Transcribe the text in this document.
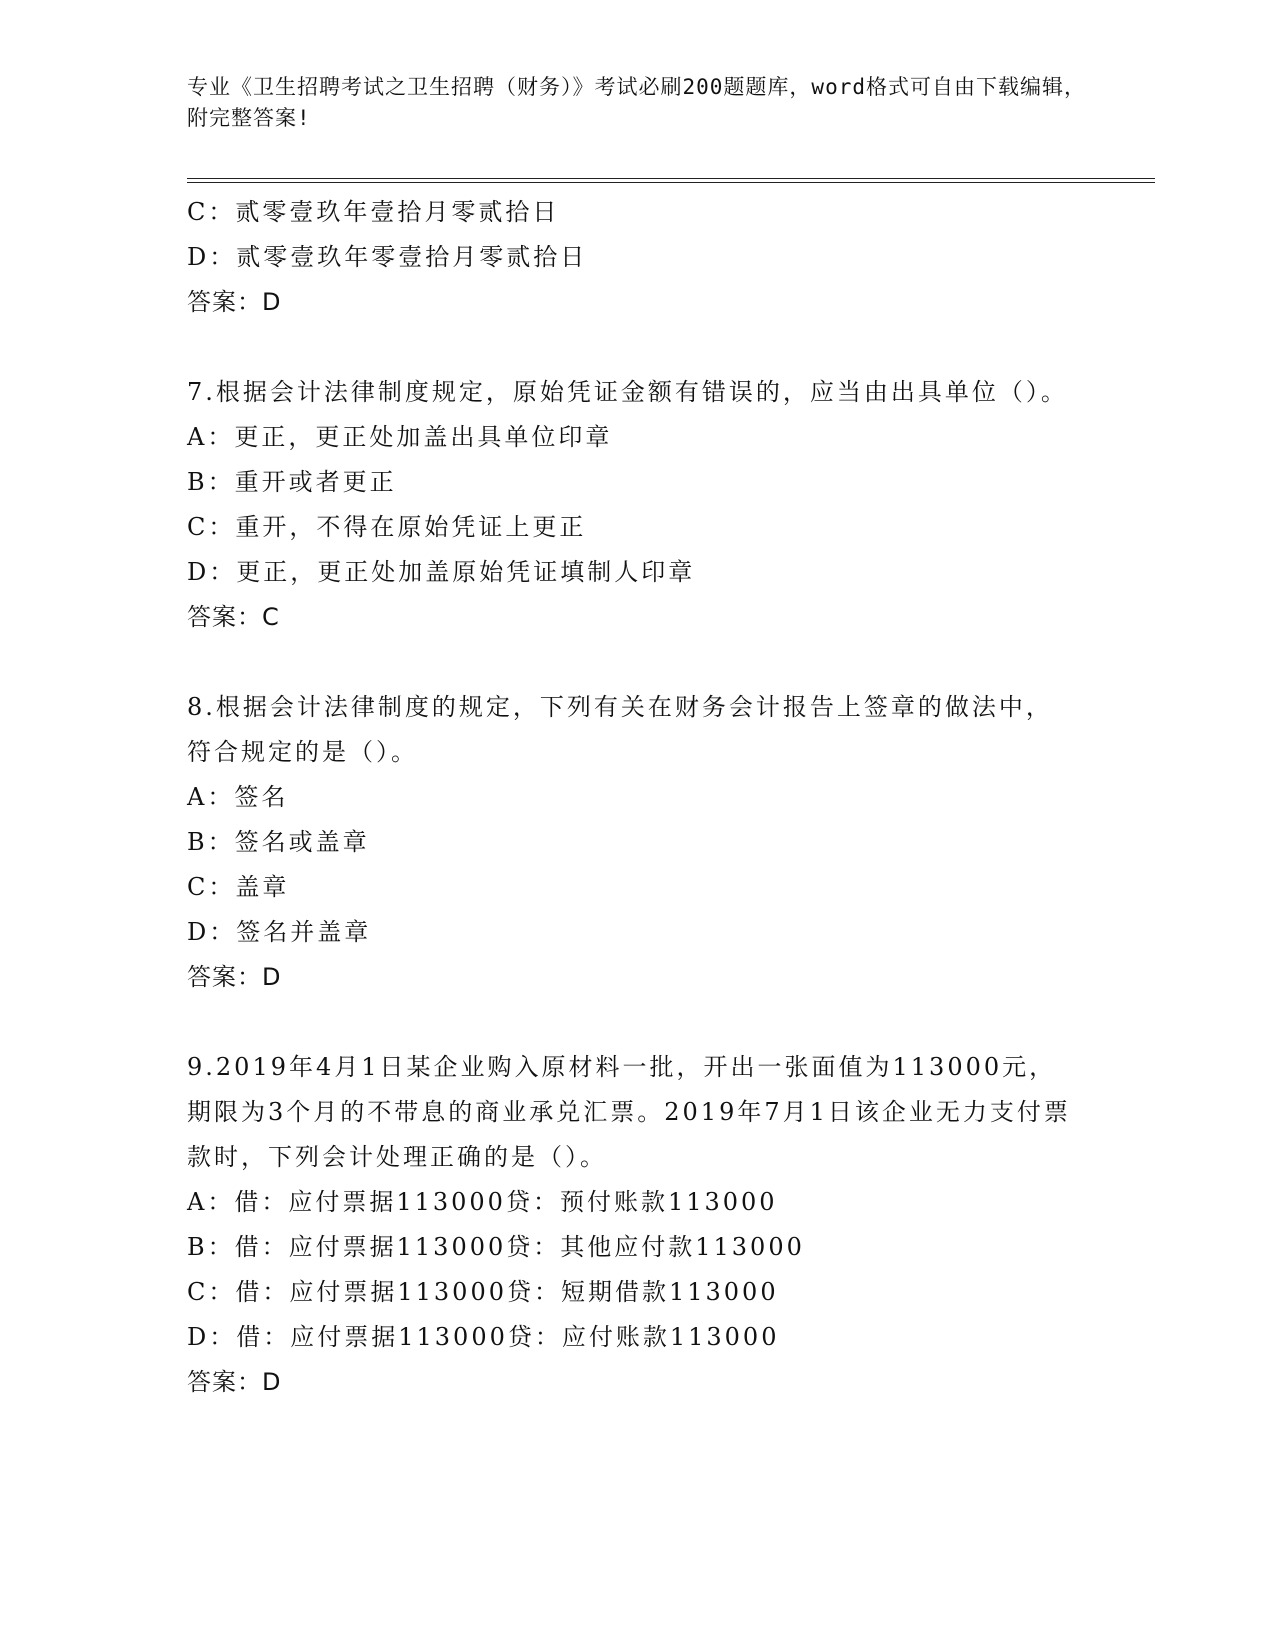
专业《卫生招聘考试之卫生招聘（财务）》考试必刷200题题库，word格式可自由下载编辑，附完整答案!
C：贰零壹玖年壹拾月零贰拾日
D：贰零壹玖年零壹拾月零贰拾日
答案：D
7.根据会计法律制度规定，原始凭证金额有错误的，应当由出具单位（）。
A：更正，更正处加盖出具单位印章
B：重开或者更正
C：重开，不得在原始凭证上更正
D：更正，更正处加盖原始凭证填制人印章
答案：C
8.根据会计法律制度的规定，下列有关在财务会计报告上签章的做法中，符合规定的是（）。
A：签名
B：签名或盖章
C：盖章
D：签名并盖章
答案：D
9.2019年4月1日某企业购入原材料一批，开出一张面值为113000元，期限为3个月的不带息的商业承兑汇票。2019年7月1日该企业无力支付票款时，下列会计处理正确的是（）。
A：借：应付票据113000贷：预付账款113000
B：借：应付票据113000贷：其他应付款113000
C：借：应付票据113000贷：短期借款113000
D：借：应付票据113000贷：应付账款113000
答案：D
